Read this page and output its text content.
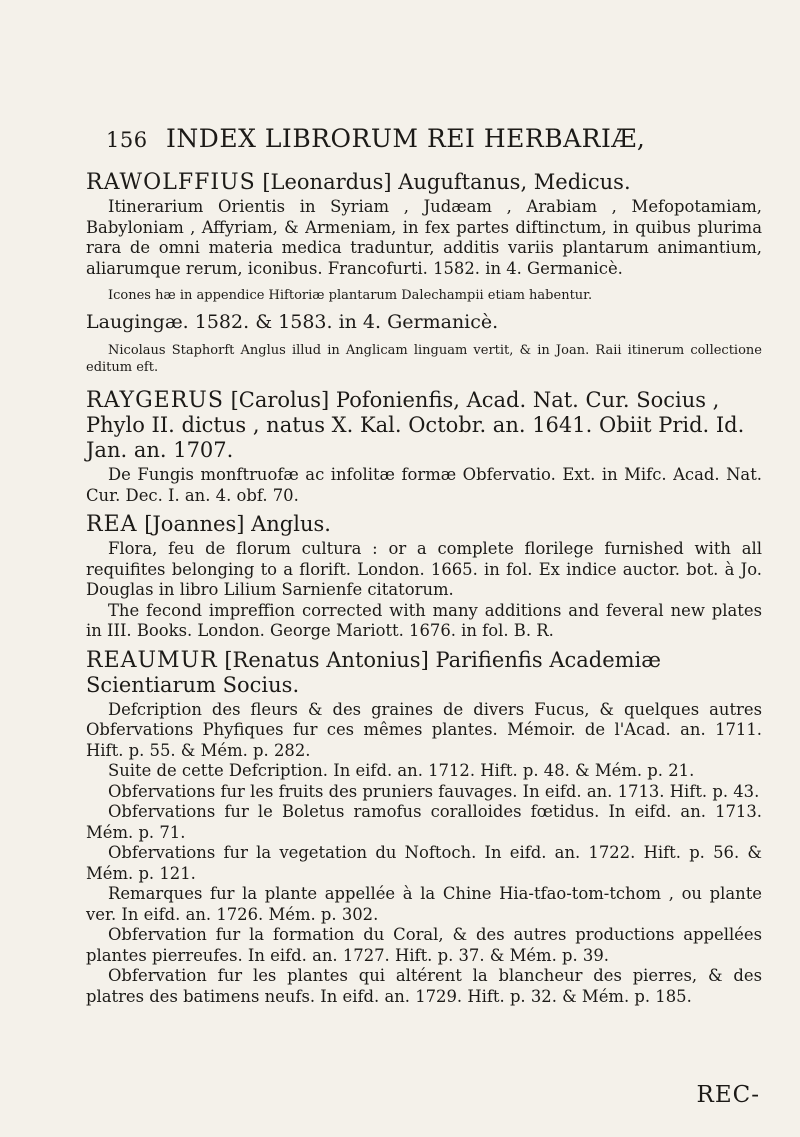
156 INDEX LIBRORUM REI HERBARIÆ,

RAWOLFFIUS [Leonardus] Auguftanus, Medicus.

Itinerarium Orientis in Syriam , Judæam , Arabiam , Mefopotamiam, Babyloniam , Affyriam, & Armeniam, in fex partes diftinctum, in quibus plurima rara de omni materia medica traduntur, additis variis plantarum animantium, aliarumque rerum, iconibus. Francofurti. 1582. in 4. Germanicè.

Icones hæ in appendice Hiftoriæ plantarum Dalechampii etiam habentur.

Laugingæ. 1582. & 1583. in 4. Germanicè.

Nicolaus Staphorft Anglus illud in Anglicam linguam vertit, & in Joan. Raii itinerum collectione editum eft.

RAYGERUS [Carolus] Pofonienfis, Acad. Nat. Cur. Socius , Phylo II. dictus , natus X. Kal. Octobr. an. 1641. Obiit Prid. Id. Jan. an. 1707.

De Fungis monftruofæ ac infolitæ formæ Obfervatio. Ext. in Mifc. Acad. Nat. Cur. Dec. I. an. 4. obf. 70.

REA [Joannes] Anglus.

Flora, feu de florum cultura : or a complete florilege furnished with all requifites belonging to a florift. London. 1665. in fol. Ex indice auctor. bot. à Jo. Douglas in libro Lilium Sarnienfe citatorum.

The fecond impreffion corrected with many additions and feveral new plates in III. Books. London. George Mariott. 1676. in fol. B. R.

REAUMUR [Renatus Antonius] Parifienfis Academiæ Scientiarum Socius.

Defcription des fleurs & des graines de divers Fucus, & quelques autres Obfervations Phyfiques fur ces mêmes plantes. Mémoir. de l'Acad. an. 1711. Hift. p. 55. & Mém. p. 282.

Suite de cette Defcription. In eifd. an. 1712. Hift. p. 48. & Mém. p. 21.

Obfervations fur les fruits des pruniers fauvages. In eifd. an. 1713. Hift. p. 43.

Obfervations fur le Boletus ramofus coralloides fœtidus. In eifd. an. 1713. Mém. p. 71.

Obfervations fur la vegetation du Noftoch. In eifd. an. 1722. Hift. p. 56. & Mém. p. 121.

Remarques fur la plante appellée à la Chine Hia-tfao-tom-tchom , ou plante ver. In eifd. an. 1726. Mém. p. 302.

Obfervation fur la formation du Coral, & des autres productions appellées plantes pierreufes. In eifd. an. 1727. Hift. p. 37. & Mém. p. 39.

Obfervation fur les plantes qui altérent la blancheur des pierres, & des platres des batimens neufs. In eifd. an. 1729. Hift. p. 32. & Mém. p. 185.

REC-
